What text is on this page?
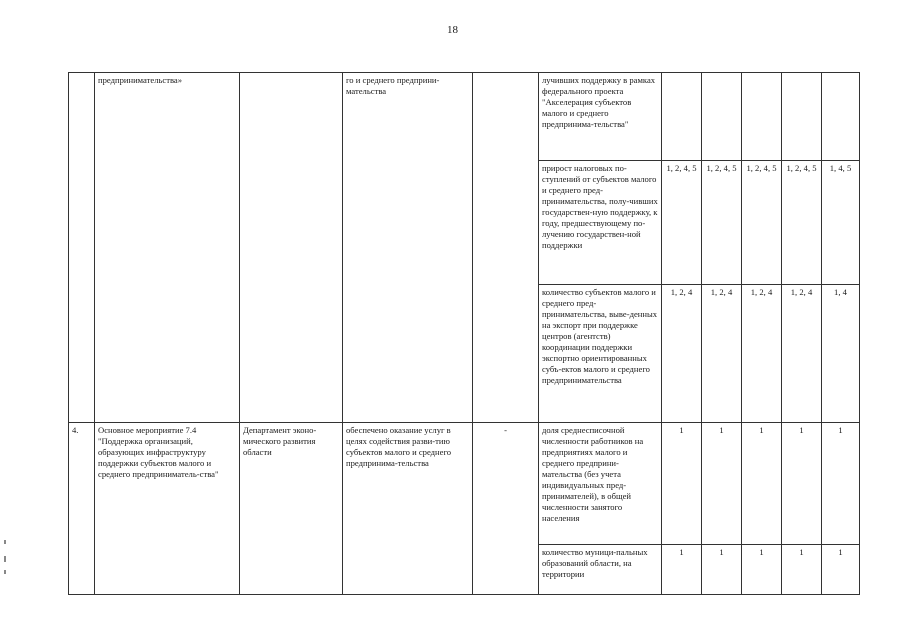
18
	предпринимательства»		го и среднего предприни- мательства		лучивших поддержку в рамках федерального проекта "Акселерация субъектов малого и среднего предпринима-тельства"					
					прирост налоговых по-ступлений от субъектов малого и среднего пред-принимательства, полу-чивших государствен-ную поддержку, к году, предшествующему по-лучению государствен-ной поддержки	1, 2, 4, 5	1, 2, 4, 5	1, 2, 4, 5	1, 2, 4, 5	1, 4, 5
					количество субъектов малого и среднего пред-принимательства, выве-денных на экспорт при поддержке центров (агентств) координации поддержки экспортно ориентированных субъ-ектов малого и среднего предпринимательства	1, 2, 4	1, 2, 4	1, 2, 4	1, 2, 4	1, 4
4.	Основное мероприятие 7.4 "Поддержка организаций, образующих инфраструктуру поддержки субъектов малого и среднего предприниматель-ства"	Департамент эконо-мического развития области	обеспечено оказание услуг в целях содействия разви-тию субъектов малого и среднего предпринима-тельства	-	доля среднесписочной численности работников на предприятиях малого и среднего предприни-мательства (без учета индивидуальных пред-принимателей), в общей численности занятого населения	1	1	1	1	1
					количество муници-пальных образований области, на территории	1	1	1	1	1
